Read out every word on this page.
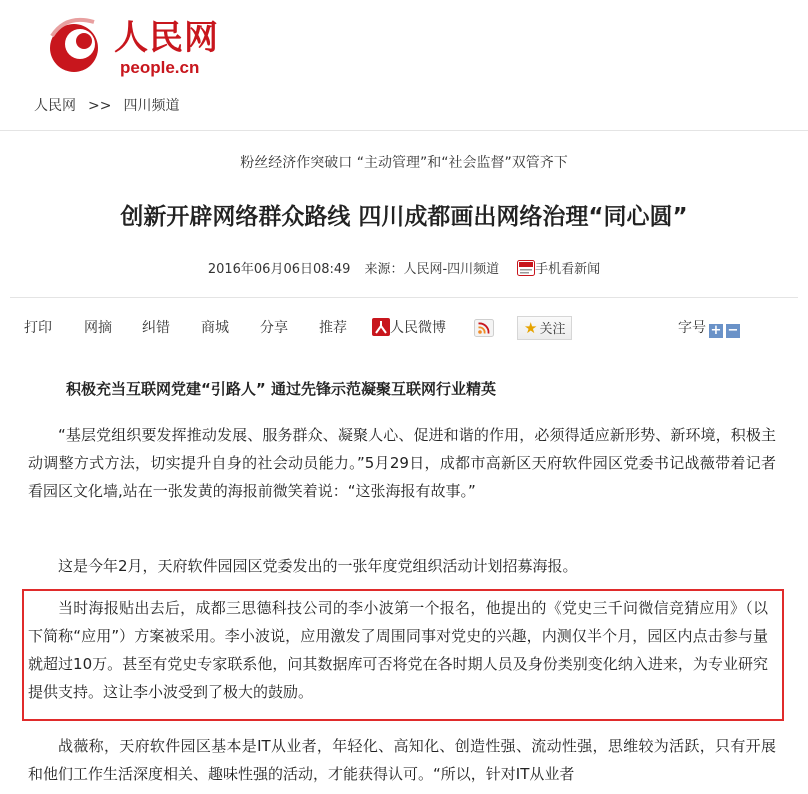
人民网
people.cn
人民网 >> 四川频道
粉丝经济作突破口 “主动管理”和“社会监督”双管齐下
创新开辟网络群众路线 四川成都画出网络治理“同心圆”
2016年06月06日08:49 来源：人民网-四川频道	手机看新闻
打印 网摘 纠错 商城 分享 推荐	人民微博	★ 关注	字号 + −
积极充当互联网党建“引路人” 通过先锋示范凝聚互联网行业精英

“基层党组织要发挥推动发展、服务群众、凝聚人心、促进和谐的作用，必须得适应新形势、新环境，积极主动调整方式方法，切实提升自身的社会动员能力。”5月29日，成都市高新区天府软件园区党委书记战薇带着记者看园区文化墙,站在一张发黄的海报前微笑着说：“这张海报有故事。”

这是今年2月，天府软件园园区党委发出的一张年度党组织活动计划招募海报。

当时海报贴出去后，成都三思德科技公司的李小波第一个报名，他提出的《党史三千问微信竞猜应用》（以下简称“应用”）方案被采用。李小波说，应用激发了周围同事对党史的兴趣，内测仅半个月，园区内点击参与量就超过10万。甚至有党史专家联系他，问其数据库可否将党在各时期人员及身份类别变化纳入进来，为专业研究提供支持。这让李小波受到了极大的鼓励。

战薇称，天府软件园区基本是IT从业者，年轻化、高知化、创造性强、流动性强，思维较为活跃，只有开展和他们工作生活深度相关、趣味性强的活动，才能获得认可。“所以，针对IT从业者
